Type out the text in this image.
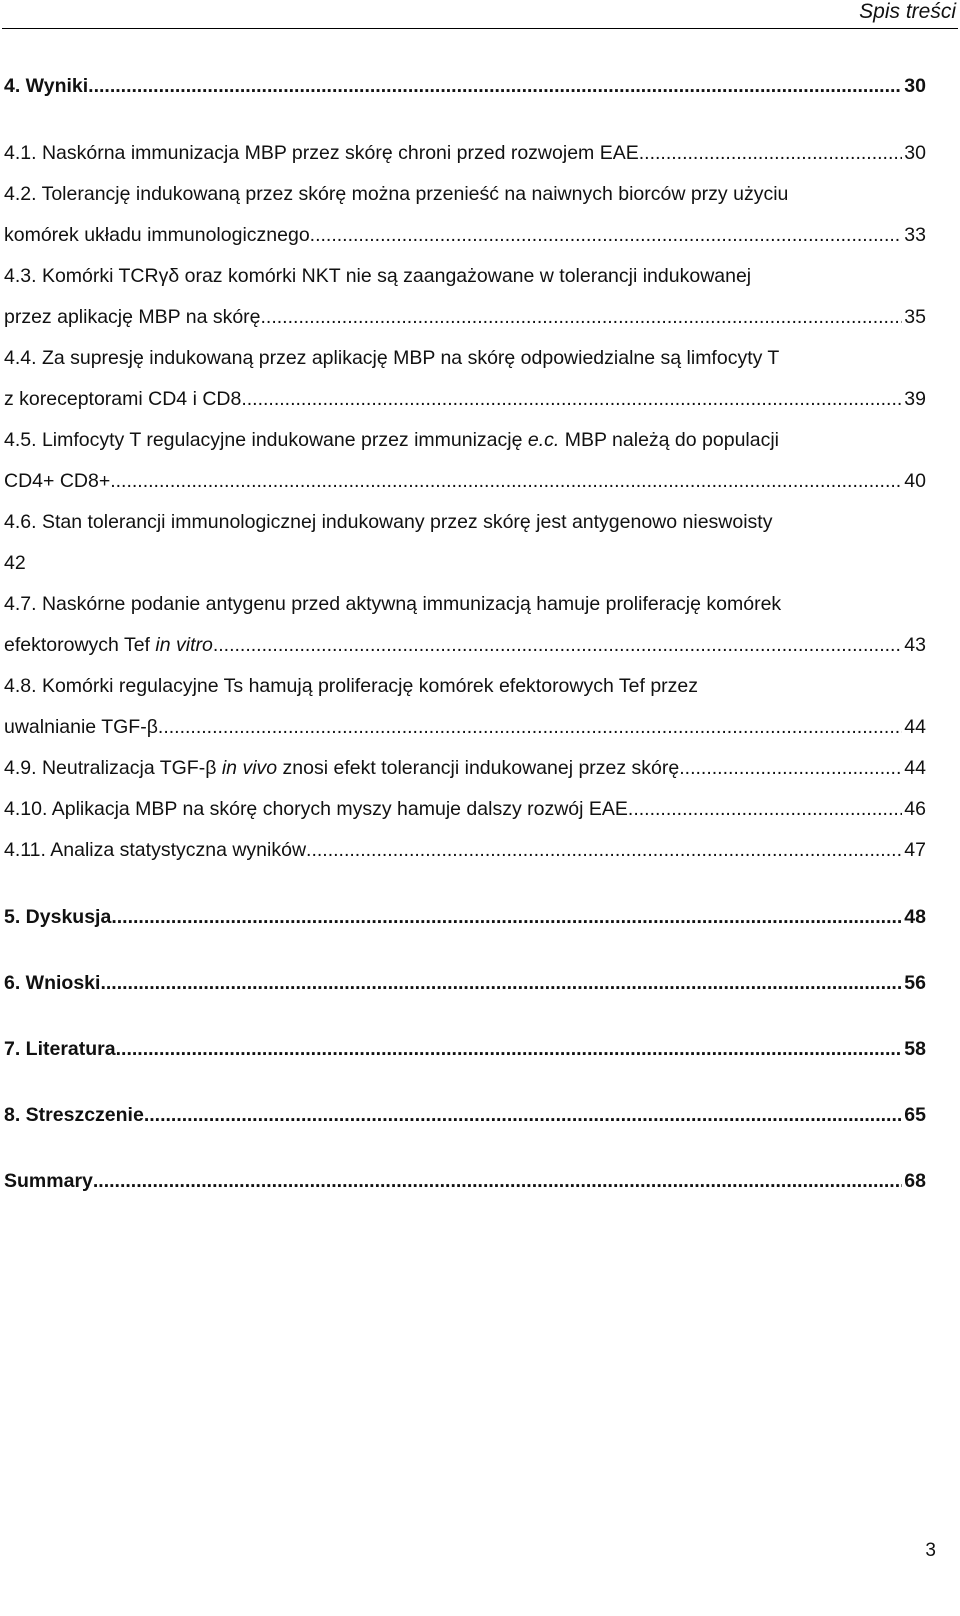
Spis treści
4. Wyniki .....	30
4.1. Naskórna immunizacja MBP przez skórę chroni przed rozwojem EAE .....	30
4.2. Tolerancję indukowaną przez skórę można przenieść na naiwnych biorców przy użyciu
komórek układu immunologicznego .....	33
4.3. Komórki TCRγδ oraz komórki NKT nie są zaangażowane w tolerancji indukowanej
przez aplikację MBP na skórę .....	35
4.4. Za supresję indukowaną przez aplikację MBP na skórę odpowiedzialne są limfocyty T
z koreceptorami CD4 i CD8 .....	39
4.5. Limfocyty T regulacyjne indukowane przez immunizację e.c. MBP należą do populacji
CD4+ CD8+ .....	40
4.6. Stan tolerancji immunologicznej indukowany przez skórę jest antygenowo nieswoisty
42
4.7. Naskórne podanie antygenu przed aktywną immunizacją hamuje proliferację komórek
efektorowych Tef in vitro .....	43
4.8. Komórki regulacyjne Ts hamują proliferację komórek efektorowych Tef przez
uwalnianie TGF-β .....	44
4.9. Neutralizacja TGF-β in vivo znosi efekt tolerancji indukowanej przez skórę .....	44
4.10. Aplikacja MBP na skórę chorych myszy hamuje dalszy rozwój EAE .....	46
4.11. Analiza statystyczna wyników .....	47
5. Dyskusja .....	48
6. Wnioski .....	56
7. Literatura .....	58
8. Streszczenie .....	65
Summary .....	68
3
